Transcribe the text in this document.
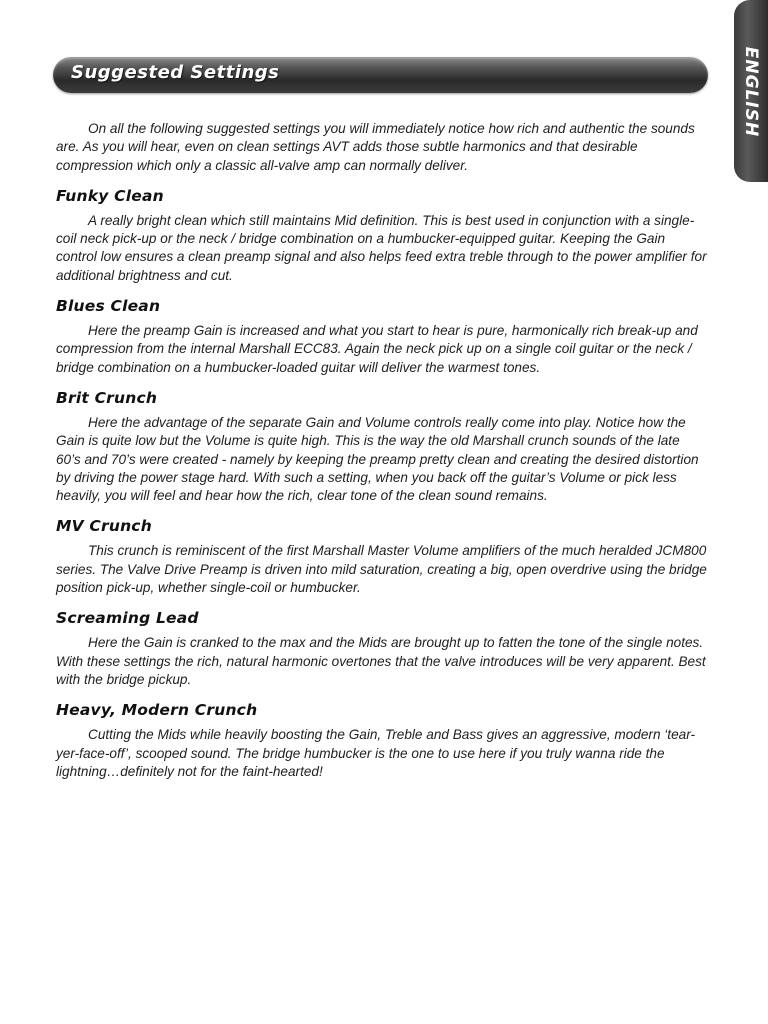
ENGLISH
Suggested Settings

On all the following suggested settings you will immediately notice how rich and authentic the sounds are. As you will hear, even on clean settings AVT adds those subtle harmonics and that desirable compression which only a classic all-valve amp can normally deliver.

Funky Clean

A really bright clean which still maintains Mid definition. This is best used in conjunction with a single-coil neck pick-up or the neck / bridge combination on a humbucker-equipped guitar. Keeping the Gain control low ensures a clean preamp signal and also helps feed extra treble through to the power amplifier for additional brightness and cut.

Blues Clean

Here the preamp Gain is increased and what you start to hear is pure, harmonically rich break-up and compression from the internal Marshall ECC83. Again the neck pick up on a single coil guitar or the neck / bridge combination on a humbucker-loaded guitar will deliver the warmest tones.

Brit Crunch

Here the advantage of the separate Gain and Volume controls really come into play. Notice how the Gain is quite low but the Volume is quite high. This is the way the old Marshall crunch sounds of the late 60’s and 70’s were created - namely by keeping the preamp pretty clean and creating the desired distortion by driving the power stage hard. With such a setting, when you back off the guitar’s Volume or pick less heavily, you will feel and hear how the rich, clear tone of the clean sound remains.

MV Crunch

This crunch is reminiscent of the first Marshall Master Volume amplifiers of the much heralded JCM800 series. The Valve Drive Preamp is driven into mild saturation, creating a big, open overdrive using the bridge position pick-up, whether single-coil or humbucker.

Screaming Lead

Here the Gain is cranked to the max and the Mids are brought up to fatten the tone of the single notes. With these settings the rich, natural harmonic overtones that the valve introduces will be very apparent. Best with the bridge pickup.

Heavy, Modern Crunch

Cutting the Mids while heavily boosting the Gain, Treble and Bass gives an aggressive, modern ‘tear-yer-face-off’, scooped sound. The bridge humbucker is the one to use here if you truly wanna ride the lightning…definitely not for the faint-hearted!
